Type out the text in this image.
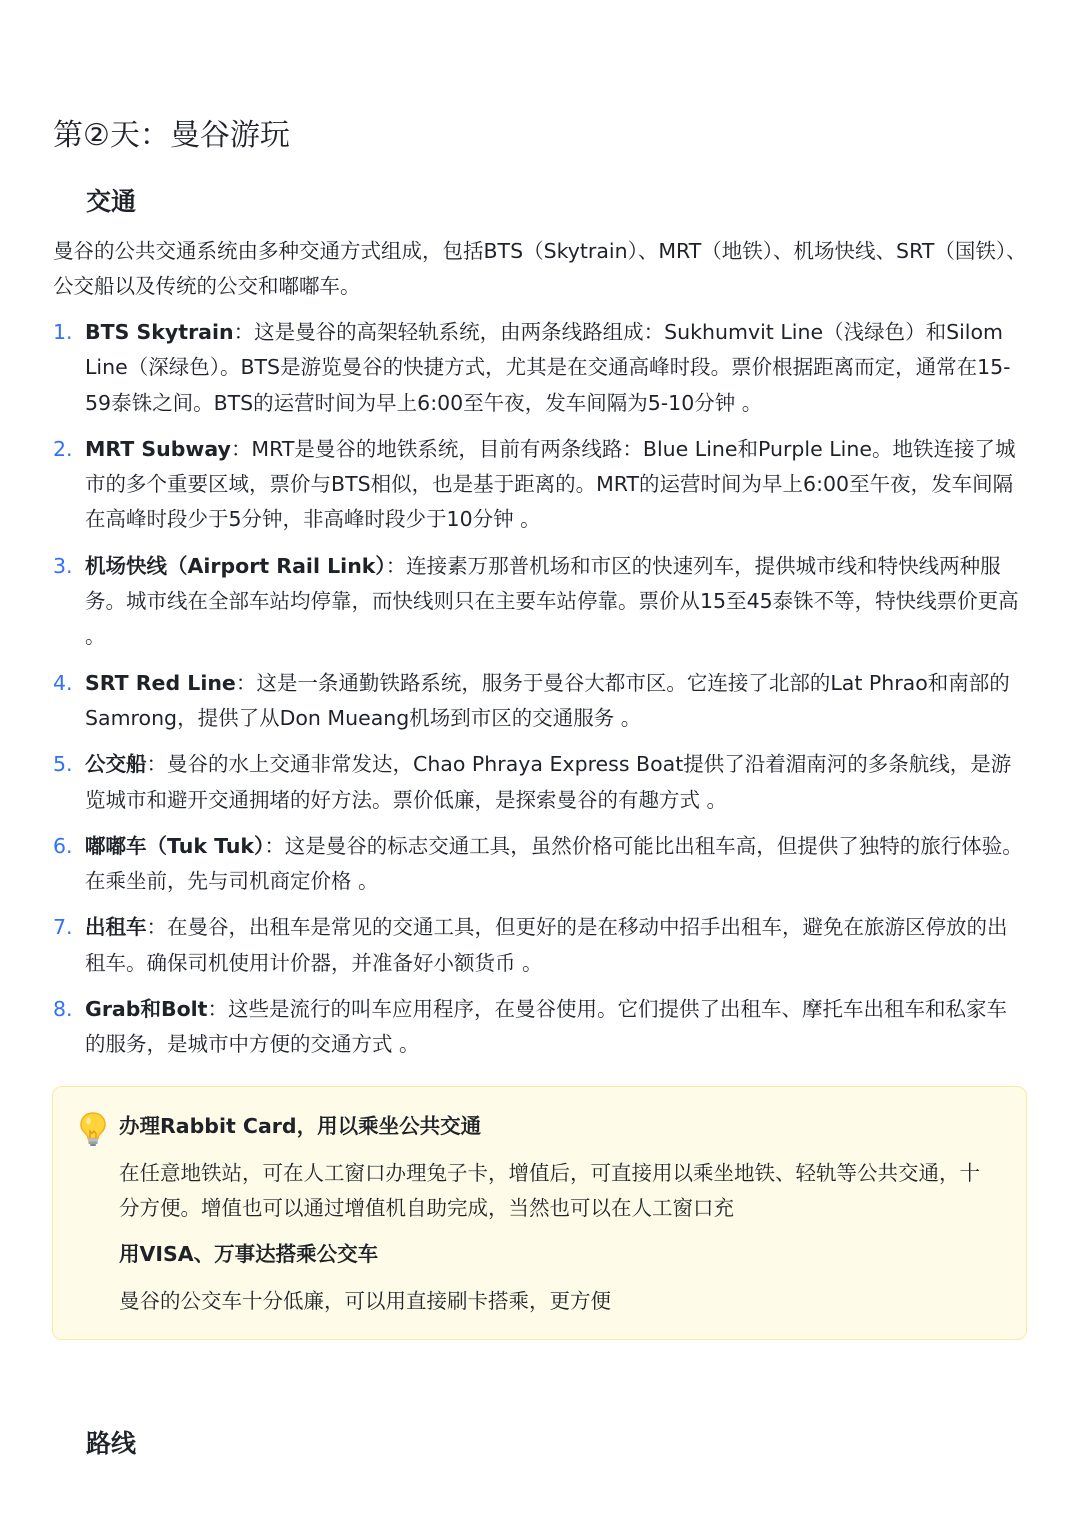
第②天：曼谷游玩
交通

曼谷的公共交通系统由多种交通方式组成，包括BTS（Skytrain）、MRT（地铁）、机场快线、SRT（国铁）、公交船以及传统的公交和嘟嘟车。

1. BTS Skytrain：这是曼谷的高架轻轨系统，由两条线路组成：Sukhumvit Line（浅绿色）和Silom Line（深绿色）。BTS是游览曼谷的快捷方式，尤其是在交通高峰时段。票价根据距离而定，通常在15-59泰铢之间。BTS的运营时间为早上6:00至午夜，发车间隔为5-10分钟 。
2. MRT Subway：MRT是曼谷的地铁系统，目前有两条线路：Blue Line和Purple Line。地铁连接了城市的多个重要区域，票价与BTS相似，也是基于距离的。MRT的运营时间为早上6:00至午夜，发车间隔在高峰时段少于5分钟，非高峰时段少于10分钟 。
3. 机场快线（Airport Rail Link）：连接素万那普机场和市区的快速列车，提供城市线和特快线两种服务。城市线在全部车站均停靠，而快线则只在主要车站停靠。票价从15至45泰铢不等，特快线票价更高 。
4. SRT Red Line：这是一条通勤铁路系统，服务于曼谷大都市区。它连接了北部的Lat Phrao和南部的Samrong，提供了从Don Mueang机场到市区的交通服务 。
5. 公交船：曼谷的水上交通非常发达，Chao Phraya Express Boat提供了沿着湄南河的多条航线，是游览城市和避开交通拥堵的好方法。票价低廉，是探索曼谷的有趣方式 。
6. 嘟嘟车（Tuk Tuk）：这是曼谷的标志交通工具，虽然价格可能比出租车高，但提供了独特的旅行体验。在乘坐前，先与司机商定价格 。
7. 出租车：在曼谷，出租车是常见的交通工具，但更好的是在移动中招手出租车，避免在旅游区停放的出租车。确保司机使用计价器，并准备好小额货币 。
8. Grab和Bolt：这些是流行的叫车应用程序，在曼谷使用。它们提供了出租车、摩托车出租车和私家车的服务，是城市中方便的交通方式 。

办理Rabbit Card，用以乘坐公共交通

在任意地铁站，可在人工窗口办理兔子卡，增值后，可直接用以乘坐地铁、轻轨等公共交通，十分方便。增值也可以通过增值机自助完成，当然也可以在人工窗口充

用VISA、万事达搭乘公交车

曼谷的公交车十分低廉，可以用直接刷卡搭乘，更方便

路线
